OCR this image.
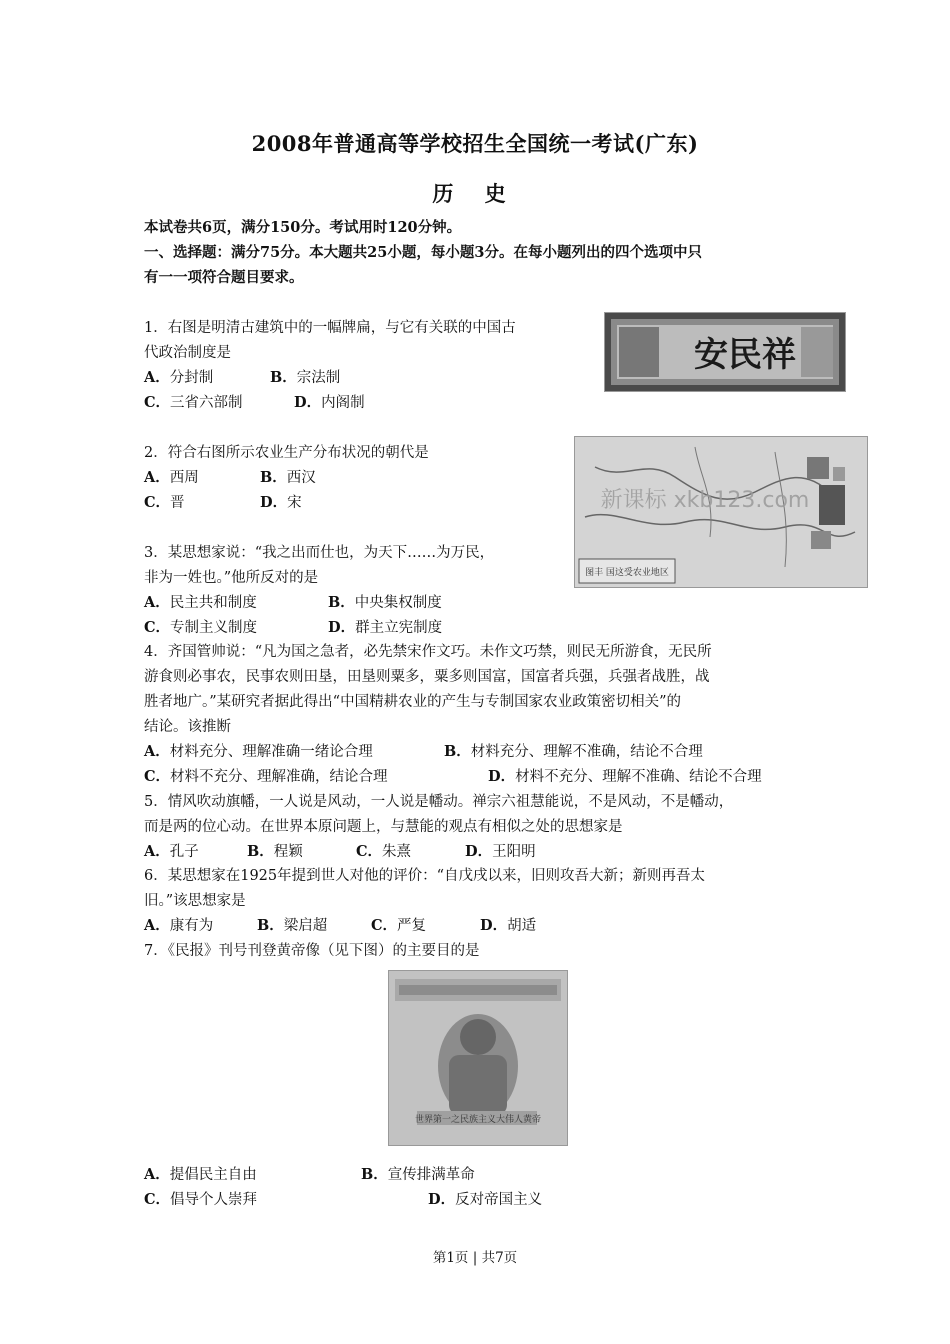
2008年普通高等学校招生全国统一考试(广东)
历 史
本试卷共6页，满分150分。考试用时120分钟。
一、选择题：满分75分。本大题共25小题，每小题3分。在每小题列出的四个选项中只
有一一项符合题目要求。
1．右图是明清古建筑中的一幅牌扁，与它有关联的中国古
代政治制度是
A．分封制	B．宗法制
C．三省六部制	D．内阁制
安民祥
2．符合右图所示农业生产分布状况的朝代是
A．西周	B．西汉
C．晋	D．宋	新课标 xkb123.com
图丰 国这受农业地区
3．某思想家说：“我之出而仕也，为天下……为万民，
非为一姓也。”他所反对的是
A．民主共和制度	B．中央集权制度
C．专制主义制度	D．群主立宪制度
4．齐国管帅说：“凡为国之急者，必先禁宋作文巧。未作文巧禁，则民无所游食，无民所
游食则必事农，民事农则田垦，田垦则粟多，粟多则国富，国富者兵强，兵强者战胜，战
胜者地广。”某研究者据此得出“中国精耕农业的产生与专制国家农业政策密切相关”的
结论。该推断
A．材料充分、理解准确一绪论合理	B．材料充分、理解不准确，结论不合理
C．材料不充分、理解准确，结论合理	D．材料不充分、理解不准确、结论不合理
5．情风吹动旗幡，一人说是风动，一人说是幡动。禅宗六祖慧能说，不是风动，不是幡动，
而是两的位心动。在世界本原问题上，与慧能的观点有相似之处的思想家是
A．孔子	B．程颖	C．朱熹	D．王阳明
6．某思想家在1925年提到世人对他的评价：“自戊戌以来，旧则攻吾大新；新则再吾太
旧。”该思想家是
A．康有为	B．梁启超	C．严复	D．胡适
7．《民报》刊号刊登黄帝像（见下图）的主要目的是
世界第一之民族主义大伟人黄帝
A．提倡民主自由	B．宣传排满革命
C．倡导个人崇拜	D．反对帝国主义
第1页 | 共7页
